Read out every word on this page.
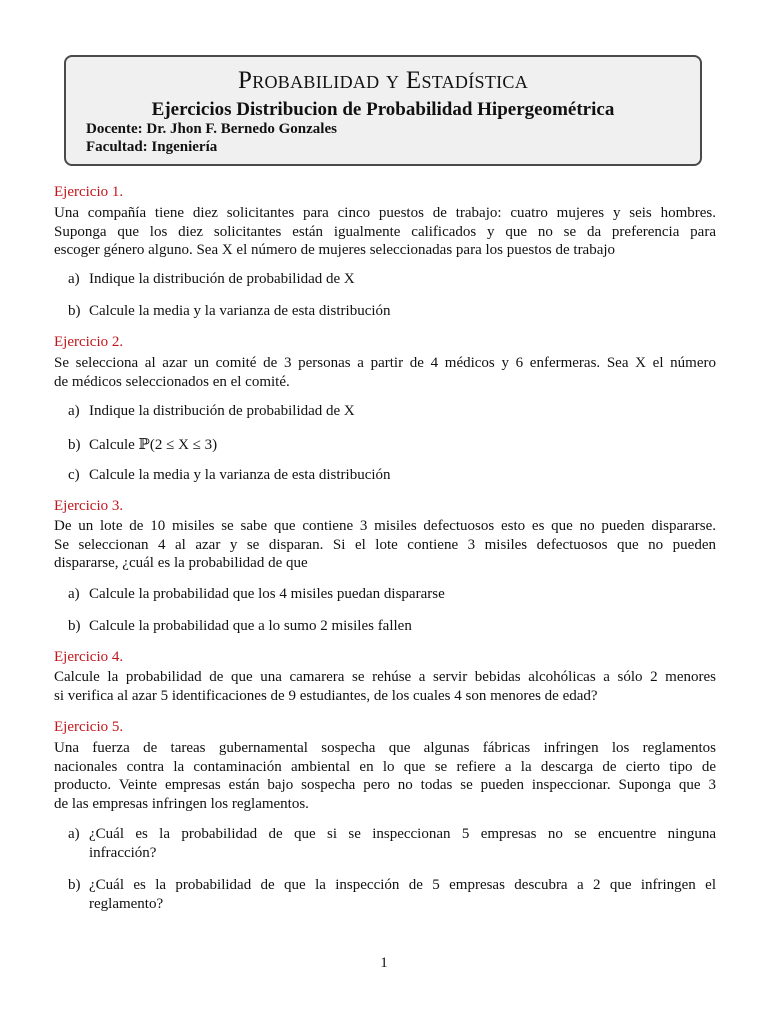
Probabilidad y Estadística
Ejercicios Distribucion de Probabilidad Hipergeométrica
Docente: Dr. Jhon F. Bernedo Gonzales
Facultad: Ingeniería
Ejercicio 1.
Una compañía tiene diez solicitantes para cinco puestos de trabajo: cuatro mujeres y seis hombres.
Suponga que los diez solicitantes están igualmente calificados y que no se da preferencia para
escoger género alguno. Sea X el número de mujeres seleccionadas para los puestos de trabajo
a) Indique la distribución de probabilidad de X
b) Calcule la media y la varianza de esta distribución
Ejercicio 2.
Se selecciona al azar un comité de 3 personas a partir de 4 médicos y 6 enfermeras. Sea X el número
de médicos seleccionados en el comité.
a) Indique la distribución de probabilidad de X
b) Calcule ℙ(2 ≤ X ≤ 3)
c) Calcule la media y la varianza de esta distribución
Ejercicio 3.
De un lote de 10 misiles se sabe que contiene 3 misiles defectuosos esto es que no pueden dispararse.
Se seleccionan 4 al azar y se disparan. Si el lote contiene 3 misiles defectuosos que no pueden
dispararse, ¿cuál es la probabilidad de que
a) Calcule la probabilidad que los 4 misiles puedan dispararse
b) Calcule la probabilidad que a lo sumo 2 misiles fallen
Ejercicio 4.
Calcule la probabilidad de que una camarera se rehúse a servir bebidas alcohólicas a sólo 2 menores
si verifica al azar 5 identificaciones de 9 estudiantes, de los cuales 4 son menores de edad?
Ejercicio 5.
Una fuerza de tareas gubernamental sospecha que algunas fábricas infringen los reglamentos
nacionales contra la contaminación ambiental en lo que se refiere a la descarga de cierto tipo de
producto. Veinte empresas están bajo sospecha pero no todas se pueden inspeccionar. Suponga que 3
de las empresas infringen los reglamentos.
a) ¿Cuál es la probabilidad de que si se inspeccionan 5 empresas no se encuentre ninguna
infracción?
b) ¿Cuál es la probabilidad de que la inspección de 5 empresas descubra a 2 que infringen el
reglamento?
1
